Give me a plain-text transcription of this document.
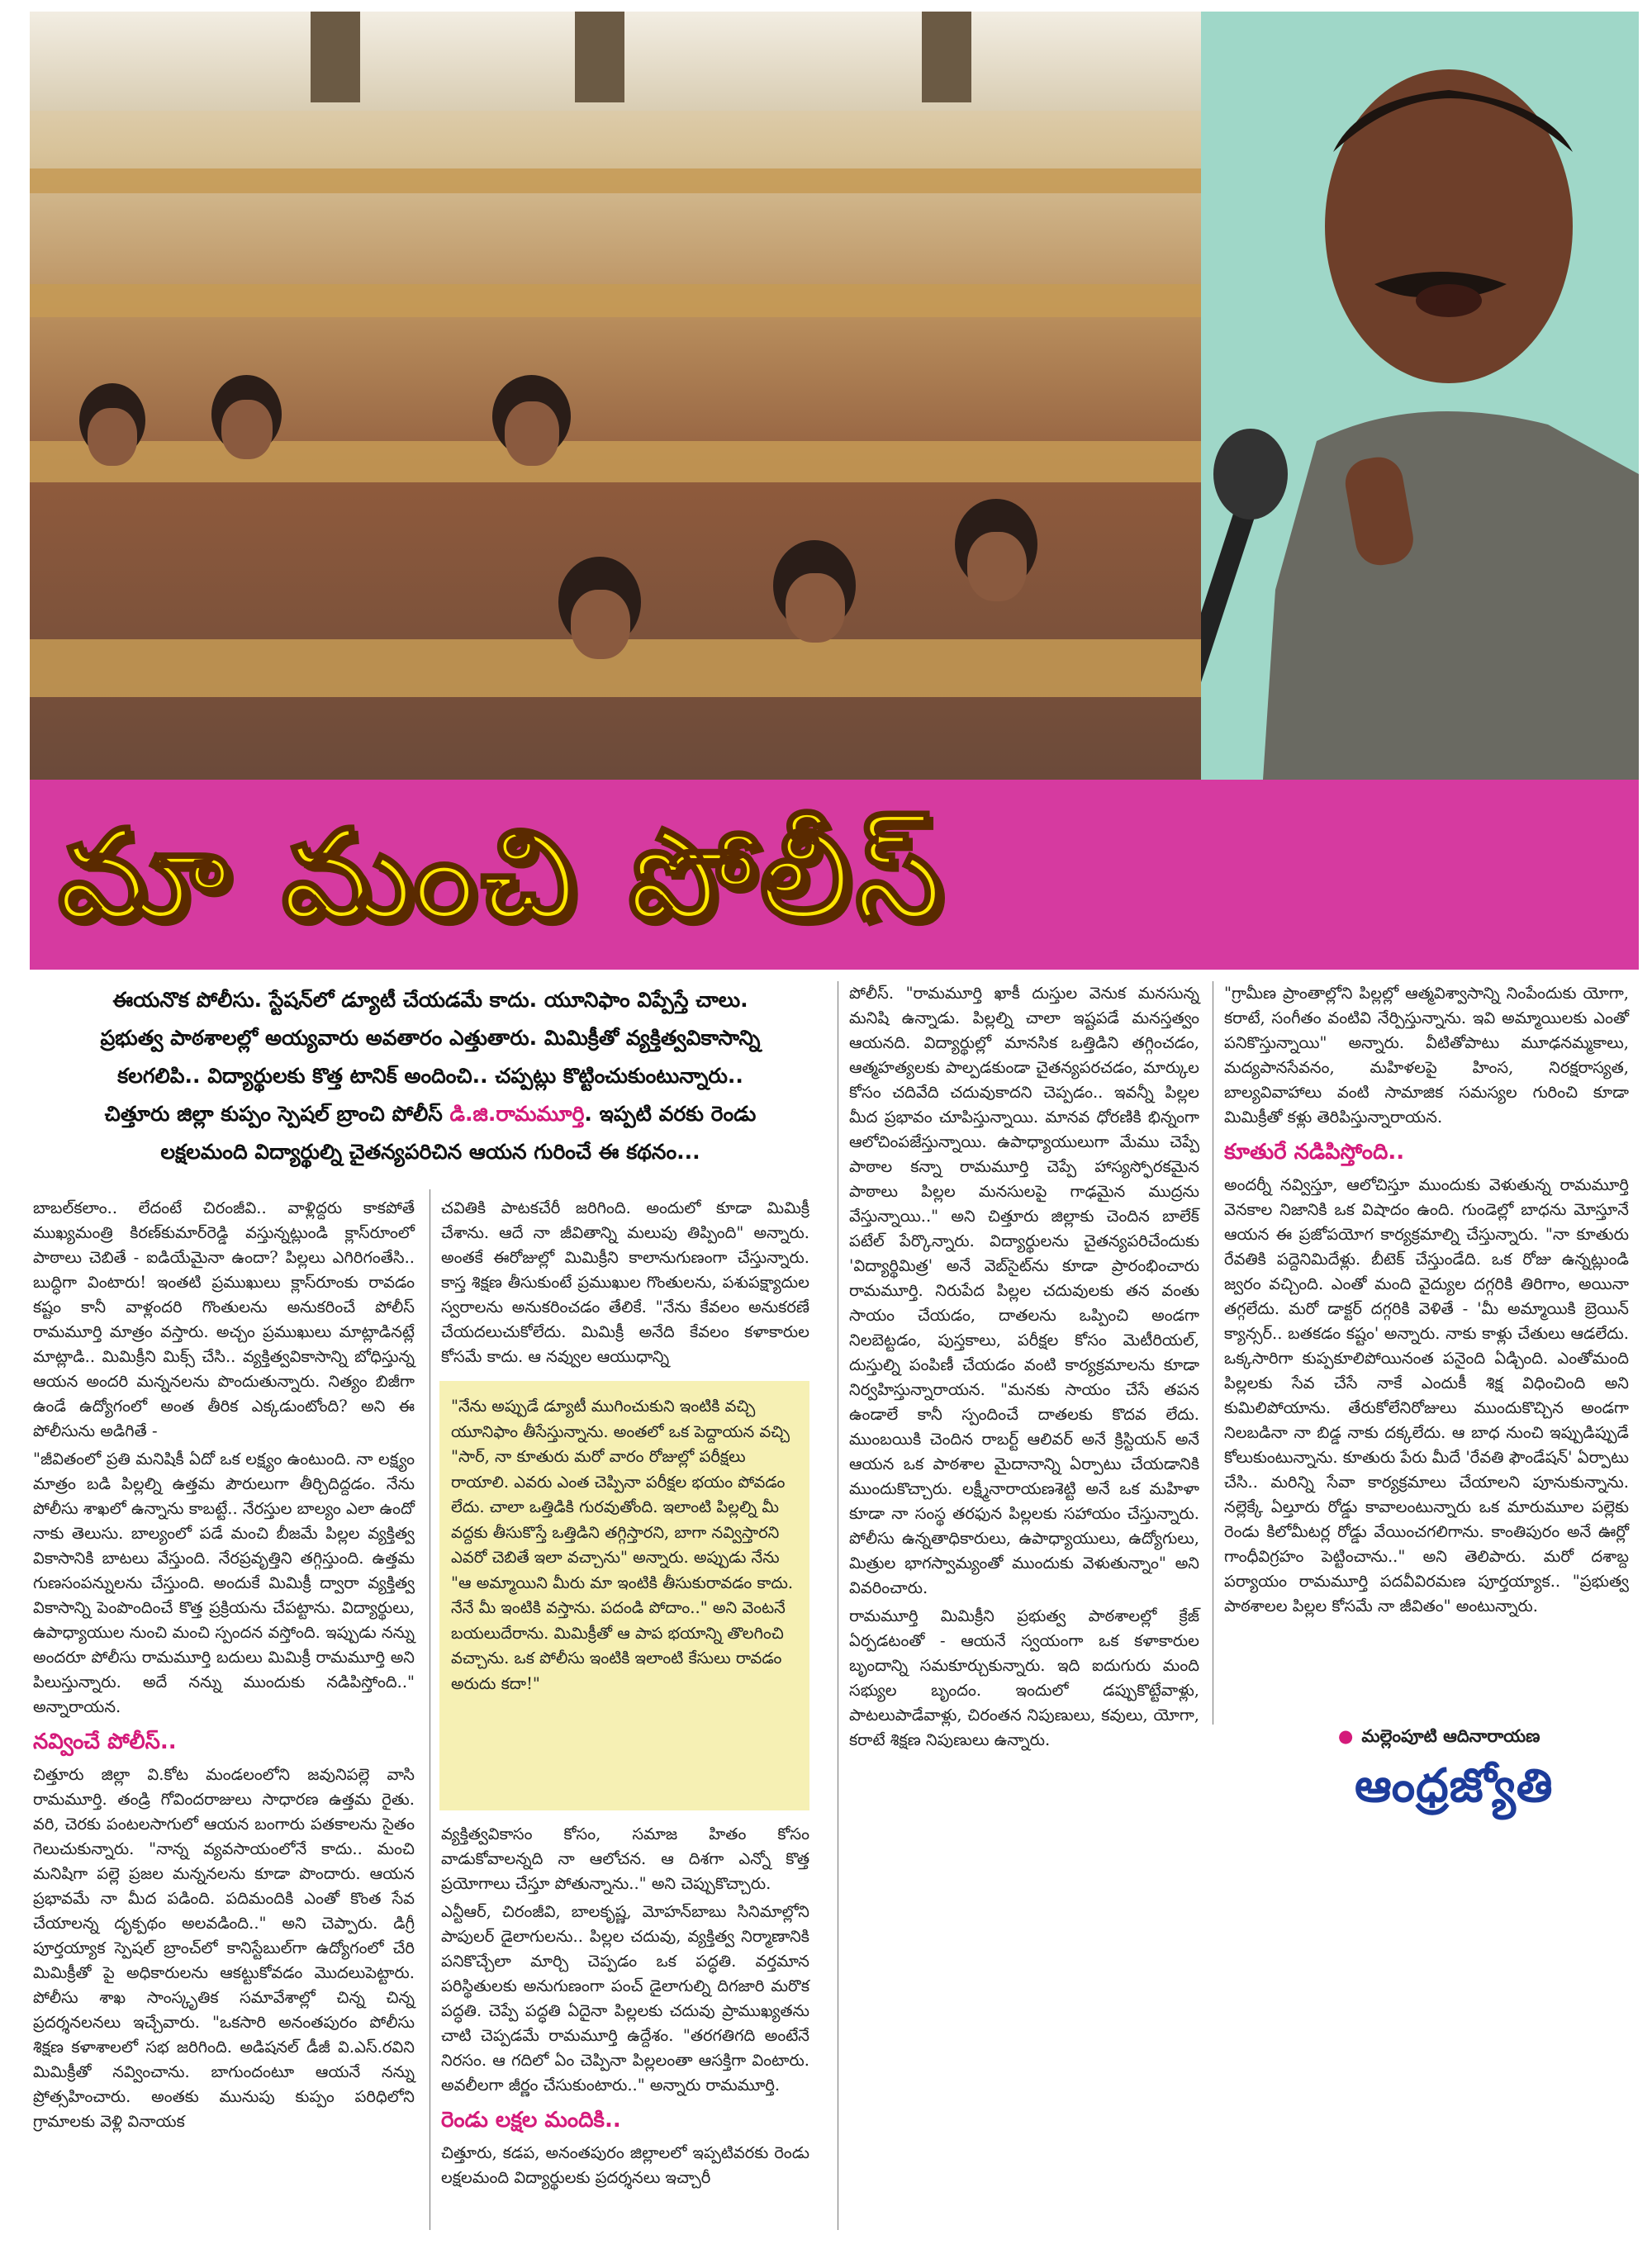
మా మంచి పోలీస్
ఈయనొక పోలీసు. స్టేషన్‌లో డ్యూటీ చేయడమే కాదు. యూనిఫాం విప్పేస్తే చాలు.
ప్రభుత్వ పాఠశాలల్లో అయ్యవారు అవతారం ఎత్తుతారు. మిమిక్రీతో వ్యక్తిత్వవికాసాన్ని
కలగలిపి.. విద్యార్థులకు కొత్త టానిక్ అందించి.. చప్పట్లు కొట్టించుకుంటున్నారు..
చిత్తూరు జిల్లా కుప్పం స్పెషల్ బ్రాంచి పోలీస్ డి.జి.రామమూర్తి. ఇప్పటి వరకు రెండు
లక్షలమంది విద్యార్థుల్ని చైతన్యపరిచిన ఆయన గురించే ఈ కథనం...

బాబల్‌కలాం.. లేదంటే చిరంజీవి.. వాళ్లిద్దరు కాకపోతే ముఖ్యమంత్రి కిరణ్‌కుమార్‌రెడ్డి వస్తున్నట్లుండి క్లాస్‌రూంలో పాఠాలు చెబితే - ఐడియేమైనా ఉందా? పిల్లలు ఎగిరిగంతేసి.. బుద్ధిగా వింటారు! ఇంతటి ప్రముఖులు క్లాస్‌రూంకు రావడం కష్టం కానీ వాళ్లందరి గొంతులను అనుకరించే పోలీస్ రామమూర్తి మాత్రం వస్తారు. అచ్చం ప్రముఖులు మాట్లాడినట్లే మాట్లాడి.. మిమిక్రీని మిక్స్ చేసి.. వ్యక్తిత్వవికాసాన్ని బోధిస్తున్న ఆయన అందరి మన్ననలను పొందుతున్నారు. నిత్యం బిజీగా ఉండే ఉద్యోగంలో అంత తీరిక ఎక్కడుంటోంది? అని ఈ పోలీసును అడిగితే -

"జీవితంలో ప్రతి మనిషికీ ఏదో ఒక లక్ష్యం ఉంటుంది. నా లక్ష్యం మాత్రం బడి పిల్లల్ని ఉత్తమ పౌరులుగా తీర్చిదిద్దడం. నేను పోలీసు శాఖలో ఉన్నాను కాబట్టే.. నేరస్తుల బాల్యం ఎలా ఉందో నాకు తెలుసు. బాల్యంలో పడే మంచి బీజమే పిల్లల వ్యక్తిత్వ వికాసానికి బాటలు వేస్తుంది. నేరప్రవృత్తిని తగ్గిస్తుంది. ఉత్తమ గుణసంపన్నులను చేస్తుంది. అందుకే మిమిక్రీ ద్వారా వ్యక్తిత్వ వికాసాన్ని పెంపొందించే కొత్త ప్రక్రియను చేపట్టాను. విద్యార్థులు, ఉపాధ్యాయుల నుంచి మంచి స్పందన వస్తోంది. ఇప్పుడు నన్ను అందరూ పోలీసు రామమూర్తి బదులు మిమిక్రీ రామమూర్తి అని పిలుస్తున్నారు. అదే నన్ను ముందుకు నడిపిస్తోంది.." అన్నారాయన.

నవ్వించే పోలీస్..

చిత్తూరు జిల్లా వి.కోట మండలంలోని జవునిపల్లె వాసి రామమూర్తి. తండ్రి గోవిందరాజులు సాధారణ ఉత్తమ రైతు. వరి, చెరకు పంటలసాగులో ఆయన బంగారు పతకాలను సైతం గెలుచుకున్నారు. "నాన్న వ్యవసాయంలోనే కాదు.. మంచి మనిషిగా పల్లె ప్రజల మన్ననలను కూడా పొందారు. ఆయన ప్రభావమే నా మీద పడింది. పదిమందికి ఎంతో కొంత సేవ చేయాలన్న దృక్పథం అలవడింది.." అని చెప్పారు. డిగ్రీ పూర్తయ్యాక స్పెషల్ బ్రాంచ్‌లో కానిస్టేబుల్‌గా ఉద్యోగంలో చేరి మిమిక్రీతో పై అధికారులను ఆకట్టుకోవడం మొదలుపెట్టారు. పోలీసు శాఖ సాంస్కృతిక సమావేశాల్లో చిన్న చిన్న ప్రదర్శనలనలు ఇచ్చేవారు. "ఒకసారి అనంతపురం పోలీసు శిక్షణ కళాశాలలో సభ జరిగింది. అడిషనల్ డీజీ వి.ఎస్.రవిని మిమిక్రీతో నవ్వించాను. బాగుందంటూ ఆయనే నన్ను ప్రోత్సహించారు. అంతకు మునుపు కుప్పం పరిధిలోని గ్రామాలకు వెళ్లి వినాయక

చవితికి పాటకచేరీ జరిగింది. అందులో కూడా మిమిక్రీ చేశాను. ఆదే నా జీవితాన్ని మలుపు తిప్పింది" అన్నారు. అంతకే ఈరోజుల్లో మిమిక్రీని కాలానుగుణంగా చేస్తున్నారు. కాస్త శిక్షణ తీసుకుంటే ప్రముఖుల గొంతులను, పశుపక్ష్యాదుల స్వరాలను అనుకరించడం తేలికే. "నేను కేవలం అనుకరణే చేయదలుచుకోలేదు. మిమిక్రీ అనేది కేవలం కళాకారుల కోసమే కాదు. ఆ నవ్వుల ఆయుధాన్ని

"నేను అప్పుడే డ్యూటీ ముగించుకుని ఇంటికి వచ్చి యూనిఫాం తీసేస్తున్నాను. అంతలో ఒక పెద్దాయన వచ్చి "సార్, నా కూతురు మరో వారం రోజుల్లో పరీక్షలు రాయాలి. ఎవరు ఎంత చెప్పినా పరీక్షల భయం పోవడం లేదు. చాలా ఒత్తిడికి గురవుతోంది. ఇలాంటి పిల్లల్ని మీ వద్దకు తీసుకొస్తే ఒత్తిడిని తగ్గిస్తారని, బాగా నవ్విస్తారని ఎవరో చెబితే ఇలా వచ్చాను" అన్నారు. అప్పుడు నేను "ఆ అమ్మాయిని మీరు మా ఇంటికి తీసుకురావడం కాదు. నేనే మీ ఇంటికి వస్తాను. పదండి పోదాం.." అని వెంటనే బయలుదేరాను. మిమిక్రీతో ఆ పాప భయాన్ని తొలగించి వచ్చాను. ఒక పోలీసు ఇంటికి ఇలాంటి కేసులు రావడం అరుదు కదా!"

వ్యక్తిత్వవికాసం కోసం, సమాజ హితం కోసం వాడుకోవాలన్నది నా ఆలోచన. ఆ దిశగా ఎన్నో కొత్త ప్రయోగాలు చేస్తూ పోతున్నాను.." అని చెప్పుకొచ్చారు.

ఎన్టీఆర్, చిరంజీవి, బాలకృష్ణ, మోహన్‌బాబు సినిమాల్లోని పాపులర్ డైలాగులను.. పిల్లల చదువు, వ్యక్తిత్వ నిర్మాణానికి పనికొచ్చేలా మార్చి చెప్పడం ఒక పద్ధతి. వర్తమాన పరిస్థితులకు అనుగుణంగా పంచ్ డైలాగుల్ని దిగజారి మరొక పద్ధతి. చెప్పే పద్ధతి ఏదైనా పిల్లలకు చదువు ప్రాముఖ్యతను చాటి చెప్పడమే రామమూర్తి ఉద్దేశం. "తరగతిగది అంటేనే నిరసం. ఆ గదిలో ఏం చెప్పినా పిల్లలంతా ఆసక్తిగా వింటారు. అవలీలగా జీర్ణం చేసుకుంటారు.." అన్నారు రామమూర్తి.

రెండు లక్షల మందికి..

చిత్తూరు, కడప, అనంతపురం జిల్లాలలో ఇప్పటివరకు రెండు లక్షలమంది విద్యార్థులకు ప్రదర్శనలు ఇచ్చారీ

పోలీస్. "రామమూర్తి ఖాకీ దుస్తుల వెనుక మనసున్న మనిషి ఉన్నాడు. పిల్లల్ని చాలా ఇష్టపడే మనస్తత్వం ఆయనది. విద్యార్థుల్లో మానసిక ఒత్తిడిని తగ్గించడం, ఆత్మహత్యలకు పాల్పడకుండా చైతన్యపరచడం, మార్కుల కోసం చదివేది చదువుకాదని చెప్పడం.. ఇవన్నీ పిల్లల మీద ప్రభావం చూపిస్తున్నాయి. మానవ ధోరణికి భిన్నంగా ఆలోచింపజేస్తున్నాయి. ఉపాధ్యాయులుగా మేము చెప్పే పాఠాల కన్నా రామమూర్తి చెప్పే హాస్యస్ఫోరకమైన పాఠాలు పిల్లల మనసులపై గాఢమైన ముద్రను వేస్తున్నాయి.." అని చిత్తూరు జిల్లాకు చెందిన బాలేక్ పటేల్ పేర్కొన్నారు. విద్యార్థులను చైతన్యపరిచేందుకు 'విద్యార్థిమిత్ర' అనే వెబ్‌సైట్‌ను కూడా ప్రారంభించారు రామమూర్తి. నిరుపేద పిల్లల చదువులకు తన వంతు సాయం చేయడం, దాతలను ఒప్పించి అండగా నిలబెట్టడం, పుస్తకాలు, పరీక్షల కోసం మెటీరియల్, దుస్తుల్ని పంపిణీ చేయడం వంటి కార్యక్రమాలను కూడా నిర్వహిస్తున్నారాయన. "మనకు సాయం చేసే తపన ఉండాలే కానీ స్పందించే దాతలకు కొదవ లేదు. ముంబయికి చెందిన రాబర్ట్ ఆలివర్ అనే క్రిస్టియన్ అనే ఆయన ఒక పాఠశాల మైదానాన్ని ఏర్పాటు చేయడానికి ముందుకొచ్చారు. లక్ష్మీనారాయణశెట్టి అనే ఒక మహిళా కూడా నా సంస్థ తరఫున పిల్లలకు సహాయం చేస్తున్నారు. పోలీసు ఉన్నతాధికారులు, ఉపాధ్యాయులు, ఉద్యోగులు, మిత్రుల భాగస్వామ్యంతో ముందుకు వెళుతున్నాం" అని వివరించారు.

రామమూర్తి మిమిక్రీని ప్రభుత్వ పాఠశాలల్లో క్రేజ్ ఏర్పడటంతో - ఆయనే స్వయంగా ఒక కళాకారుల బృందాన్ని సమకూర్చుకున్నారు. ఇది ఐదుగురు మంది సభ్యుల బృందం. ఇందులో డప్పుకొట్టేవాళ్లు, పాటలుపాడేవాళ్లు, చిరంతన నిపుణులు, కవులు, యోగా, కరాటే శిక్షణ నిపుణులు ఉన్నారు.

"గ్రామీణ ప్రాంతాల్లోని పిల్లల్లో ఆత్మవిశ్వాసాన్ని నింపేందుకు యోగా, కరాటే, సంగీతం వంటివి నేర్పిస్తున్నాను. ఇవి అమ్మాయిలకు ఎంతో పనికొస్తున్నాయి" అన్నారు. వీటితోపాటు మూఢనమ్మకాలు, మద్యపానసేవనం, మహిళలపై హింస, నిరక్షరాస్యత, బాల్యవివాహాలు వంటి సామాజిక సమస్యల గురించి కూడా మిమిక్రీతో కళ్లు తెరిపిస్తున్నారాయన.

కూతురే నడిపిస్తోంది..

అందర్నీ నవ్విస్తూ, ఆలోచిస్తూ ముందుకు వెళుతున్న రామమూర్తి వెనకాల నిజానికి ఒక విషాదం ఉంది. గుండెల్లో బాధను మోస్తూనే ఆయన ఈ ప్రజోపయోగ కార్యక్రమాల్ని చేస్తున్నారు. "నా కూతురు రేవతికి పద్దెనిమిదేళ్లు. బీటెక్ చేస్తుండేది. ఒక రోజు ఉన్నట్లుండి జ్వరం వచ్చింది. ఎంతో మంది వైద్యుల దగ్గరికి తిరిగాం, అయినా తగ్గలేదు. మరో డాక్టర్ దగ్గరికి వెళితే - 'మీ అమ్మాయికి బ్రెయిన్ క్యాన్సర్.. బతకడం కష్టం' అన్నారు. నాకు కాళ్లు చేతులు ఆడలేదు. ఒక్కసారిగా కుప్పకూలిపోయినంత పనైంది ఏడ్చింది. ఎంతోమంది పిల్లలకు సేవ చేసే నాకే ఎందుకీ శిక్ష విధించింది అని కుమిలిపోయాను. తేరుకోలేనిరోజులు ముందుకొచ్చిన అండగా నిలబడినా నా బిడ్డ నాకు దక్కలేదు. ఆ బాధ నుంచి ఇప్పుడిప్పుడే కోలుకుంటున్నాను. కూతురు పేరు మీదే 'రేవతి ఫౌండేషన్' ఏర్పాటు చేసి.. మరిన్ని సేవా కార్యక్రమాలు చేయాలని పూనుకున్నాను. నల్లెక్కే ఏల్తూరు రోడ్డు కావాలంటున్నారు ఒక మారుమూల పల్లెకు రెండు కిలోమీటర్ల రోడ్డు వేయించగలిగాను. కాంతిపురం అనే ఊర్లో గాంధీవిగ్రహం పెట్టించాను.." అని తెలిపారు. మరో దశాబ్ద పర్యాయం రామమూర్తి పదవీవిరమణ పూర్తయ్యాక.. "ప్రభుత్వ పాఠశాలల పిల్లల కోసమే నా జీవితం" అంటున్నారు.

● మల్లెంపూటి ఆదినారాయణ
ఆంధ్రజ్యోతి
